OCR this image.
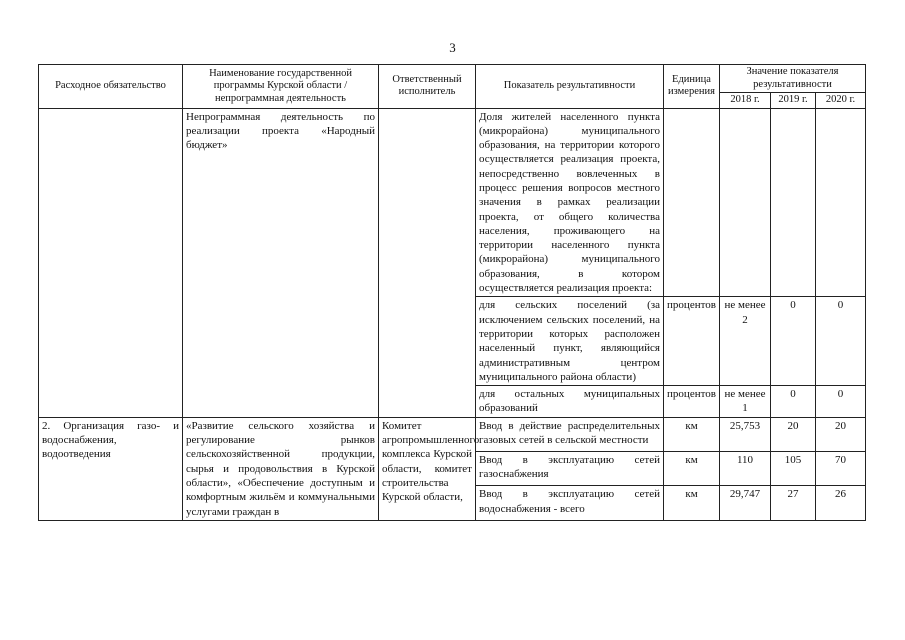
3
Расходное обязательство	Наименование государственной программы Курской области / непрограммная деятельность	Ответственный исполнитель	Показатель результативности	Единица измерения	Значение показателя результативности		
					2018 г.	2019 г.	2020 г.
	Непрограммная деятельность по реализации проекта «Народный бюджет»		Доля жителей населенного пункта (микрорайона) муниципального образования, на территории которого осуществляется реализация проекта, непосредственно вовлеченных в процесс решения вопросов местного значения в рамках реализации проекта, от общего количества населения, проживающего на территории населенного пункта (микрорайона) муниципального образования, в котором осуществляется реализация проекта:				
			для сельских поселений (за исключением сельских поселений, на территории которых расположен населенный пункт, являющийся административным центром муниципального района области)	процентов	не менее 2	0	0
			для остальных муниципальных образований	процентов	не менее 1	0	0
2. Организация газо- и водоснабжения, водоотведения	«Развитие сельского хозяйства и регулирование рынков сельскохозяйственной продукции, сырья и продовольствия в Курской области», «Обеспечение доступным и комфортным жильём и коммунальными услугами граждан в	Комитет агропромышленного комплекса Курской области, комитет строительства Курской области,	Ввод в действие распределительных газовых сетей в сельской местности	км	25,753	20	20
			Ввод в эксплуатацию сетей газоснабжения	км	110	105	70
			Ввод в эксплуатацию сетей водоснабжения - всего	км	29,747	27	26
